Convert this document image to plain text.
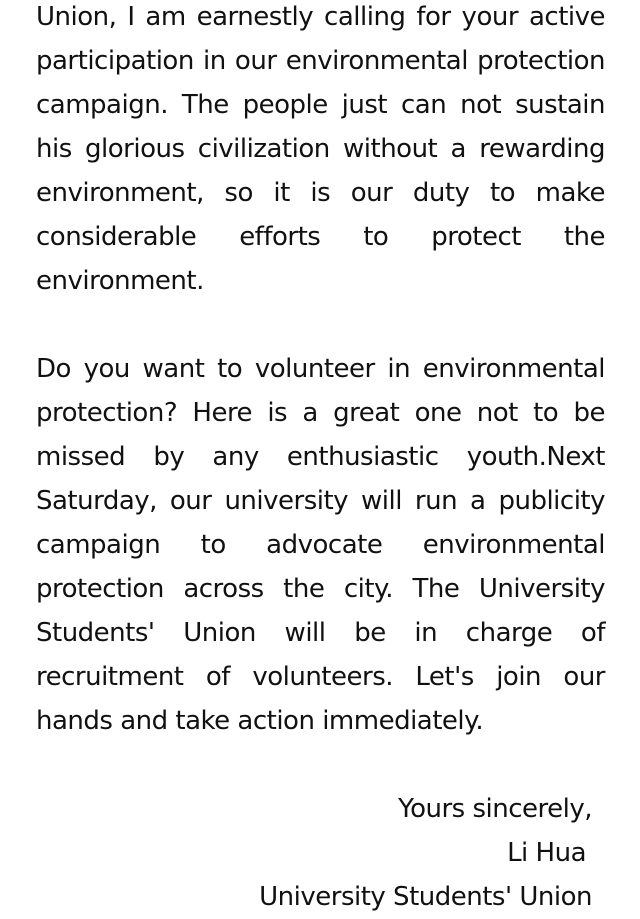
Union, I am earnestly calling for your active participation in our environmental protection campaign. The people just can not sustain his glorious civilization without a rewarding environment, so it is our duty to make considerable efforts to protect the environment.

Do you want to volunteer in environmental protection? Here is a great one not to be missed by any enthusiastic youth.Next Saturday, our university will run a publicity campaign to advocate environmental protection across the city. The University Students' Union will be in charge of recruitment of volunteers. Let's join our hands and take action immediately.

Yours sincerely,
Li Hua
University Students' Union
